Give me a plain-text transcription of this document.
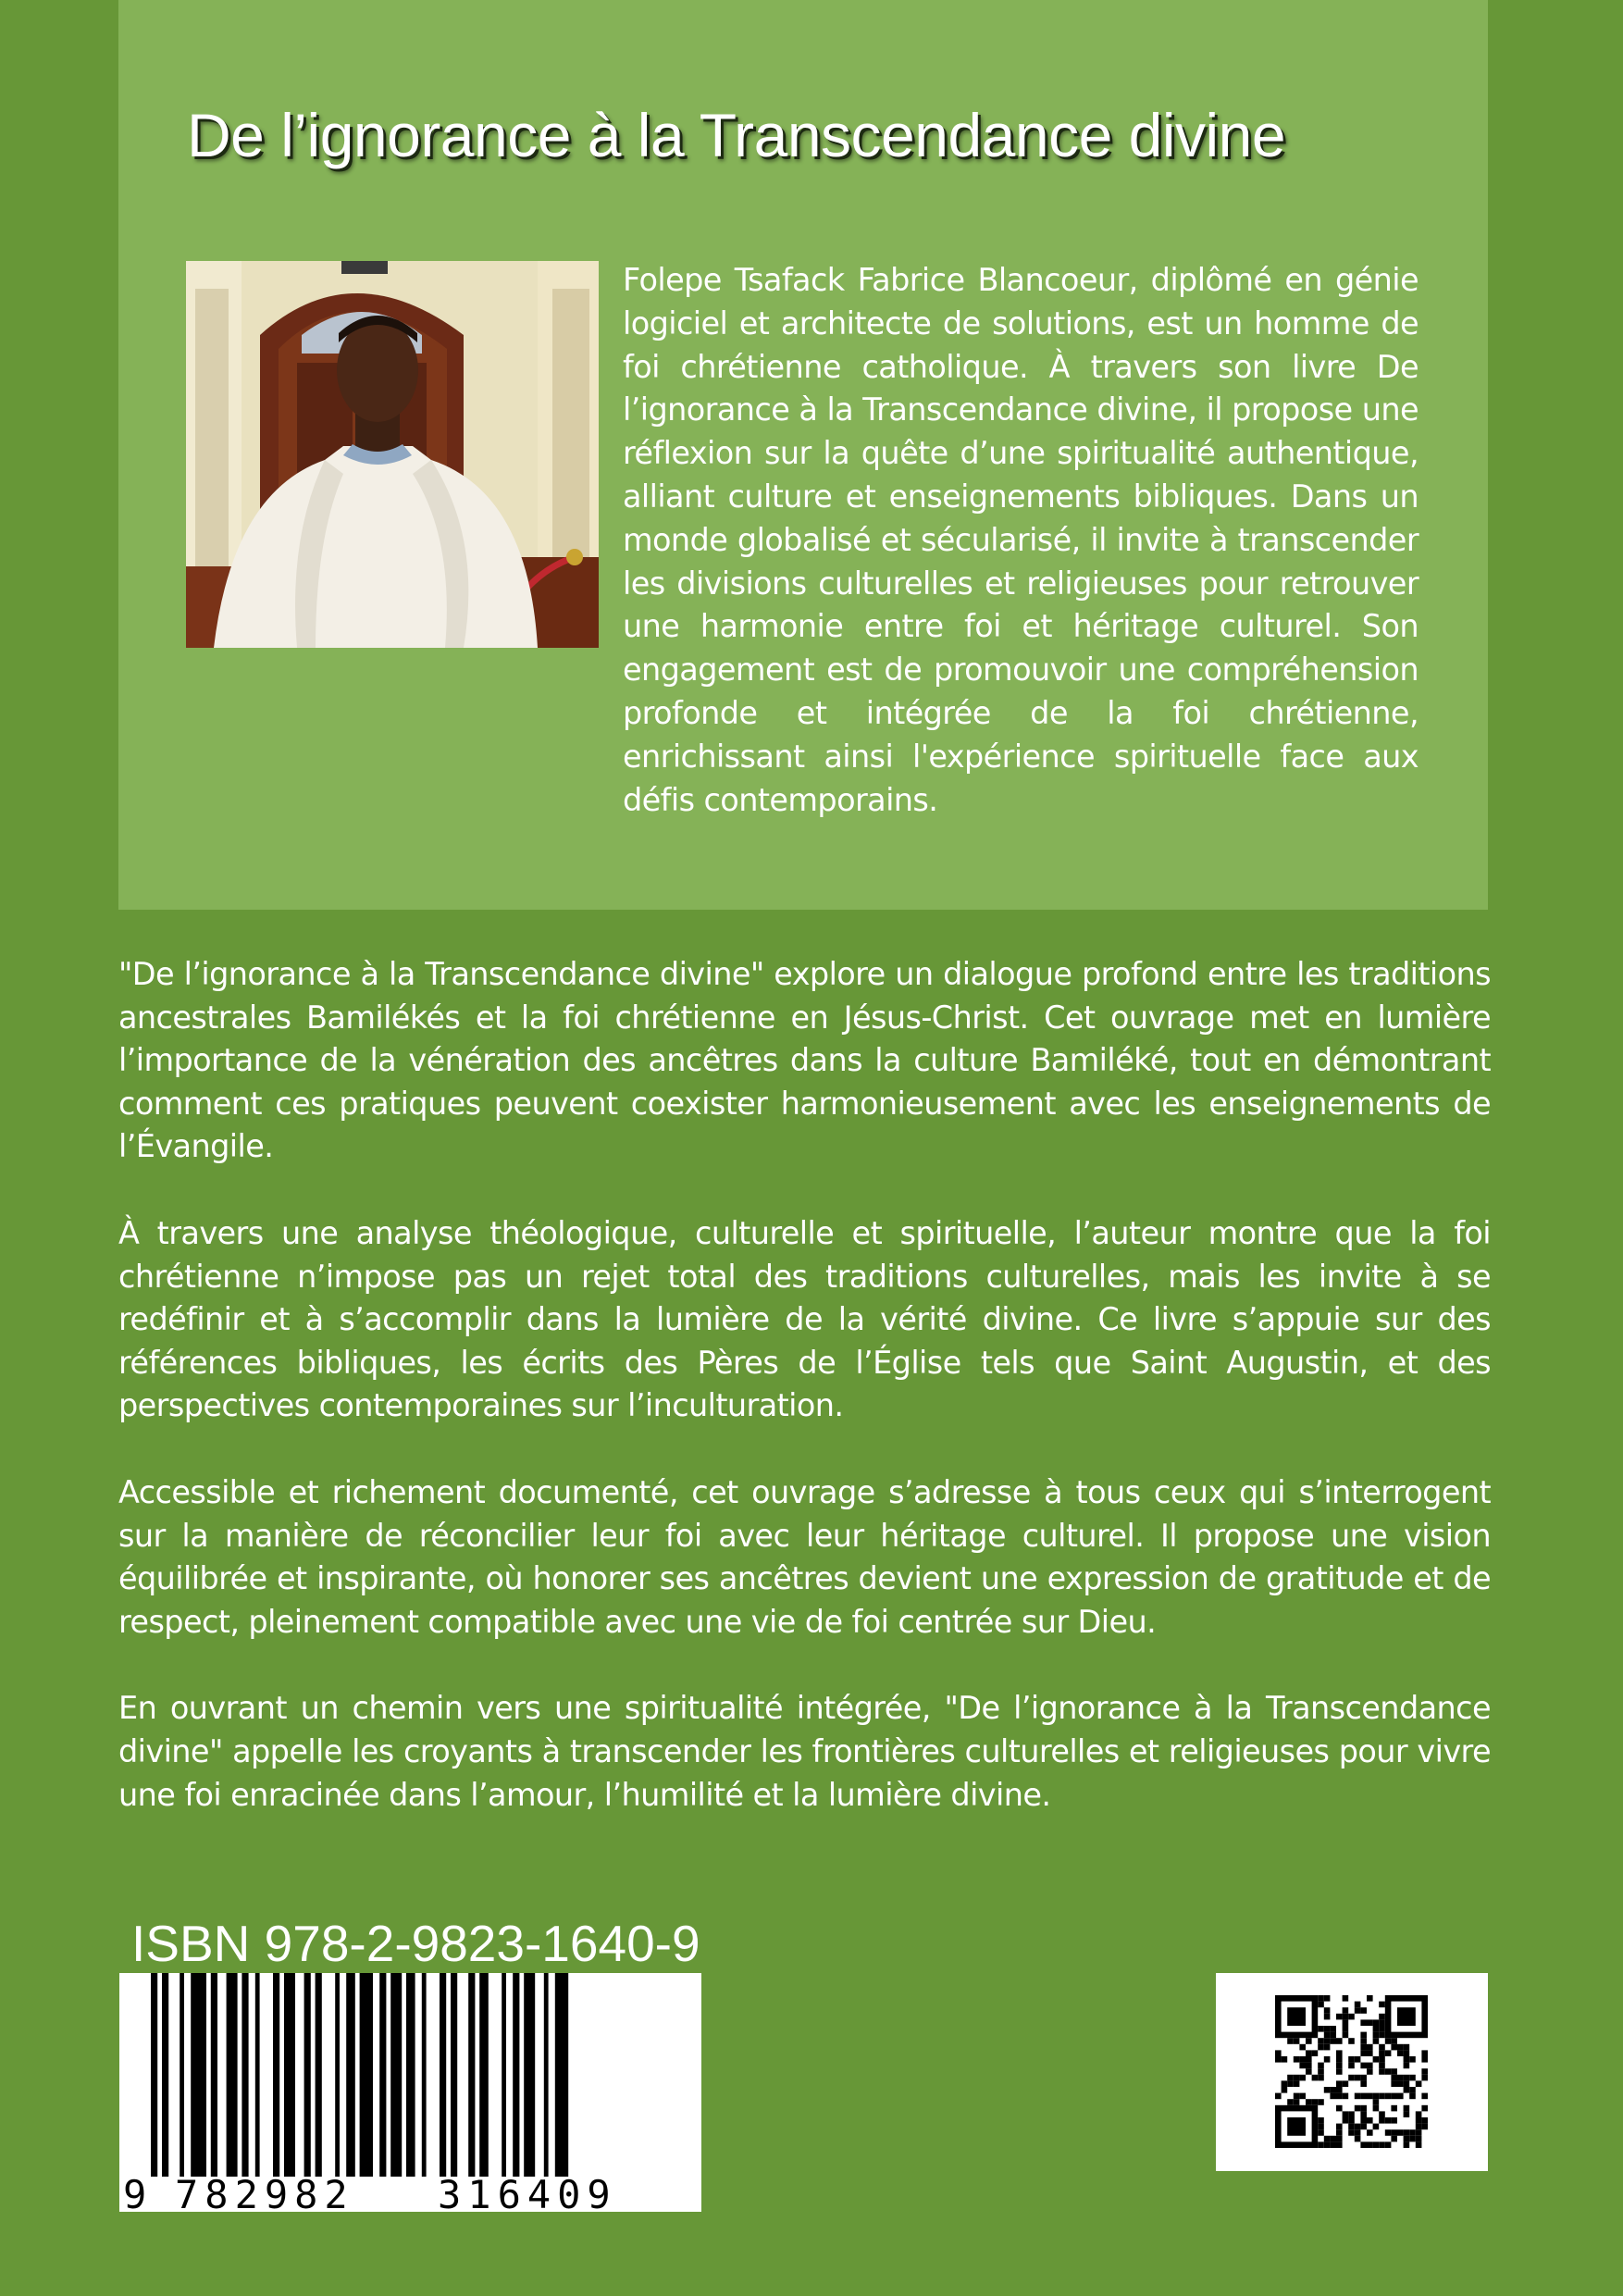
De l’ignorance à la Transcendance divine

Folepe Tsafack Fabrice Blancoeur, diplômé en génie logiciel et architecte de solutions, est un homme de foi chrétienne catholique. À travers son livre De l’ignorance à la Transcendance divine, il propose une réflexion sur la quête d’une spiritualité authentique, alliant culture et enseignements bibliques. Dans un monde globalisé et sécularisé, il invite à transcender les divisions culturelles et religieuses pour retrouver une harmonie entre foi et héritage culturel. Son engagement est de promouvoir une compréhension profonde et intégrée de la foi chrétienne, enrichissant ainsi l'expérience spirituelle face aux défis contemporains.

"De l’ignorance à la Transcendance divine" explore un dialogue profond entre les traditions ancestrales Bamilékés et la foi chrétienne en Jésus-Christ. Cet ouvrage met en lumière l’importance de la vénération des ancêtres dans la culture Bamiléké, tout en démontrant comment ces pratiques peuvent coexister harmonieusement avec les enseignements de l’Évangile.

À travers une analyse théologique, culturelle et spirituelle, l’auteur montre que la foi chrétienne n’impose pas un rejet total des traditions culturelles, mais les invite à se redéfinir et à s’accomplir dans la lumière de la vérité divine. Ce livre s’appuie sur des références bibliques, les écrits des Pères de l’Église tels que Saint Augustin, et des perspectives contemporaines sur l’inculturation.

Accessible et richement documenté, cet ouvrage s’adresse à tous ceux qui s’interrogent sur la manière de réconcilier leur foi avec leur héritage culturel. Il propose une vision équilibrée et inspirante, où honorer ses ancêtres devient une expression de gratitude et de respect, pleinement compatible avec une vie de foi centrée sur Dieu.

En ouvrant un chemin vers une spiritualité intégrée, "De l’ignorance à la Transcendance divine" appelle les croyants à transcender les frontières culturelles et religieuses pour vivre une foi enracinée dans l’amour, l’humilité et la lumière divine.

ISBN 978-2-9823-1640-9
9 782982 316409
